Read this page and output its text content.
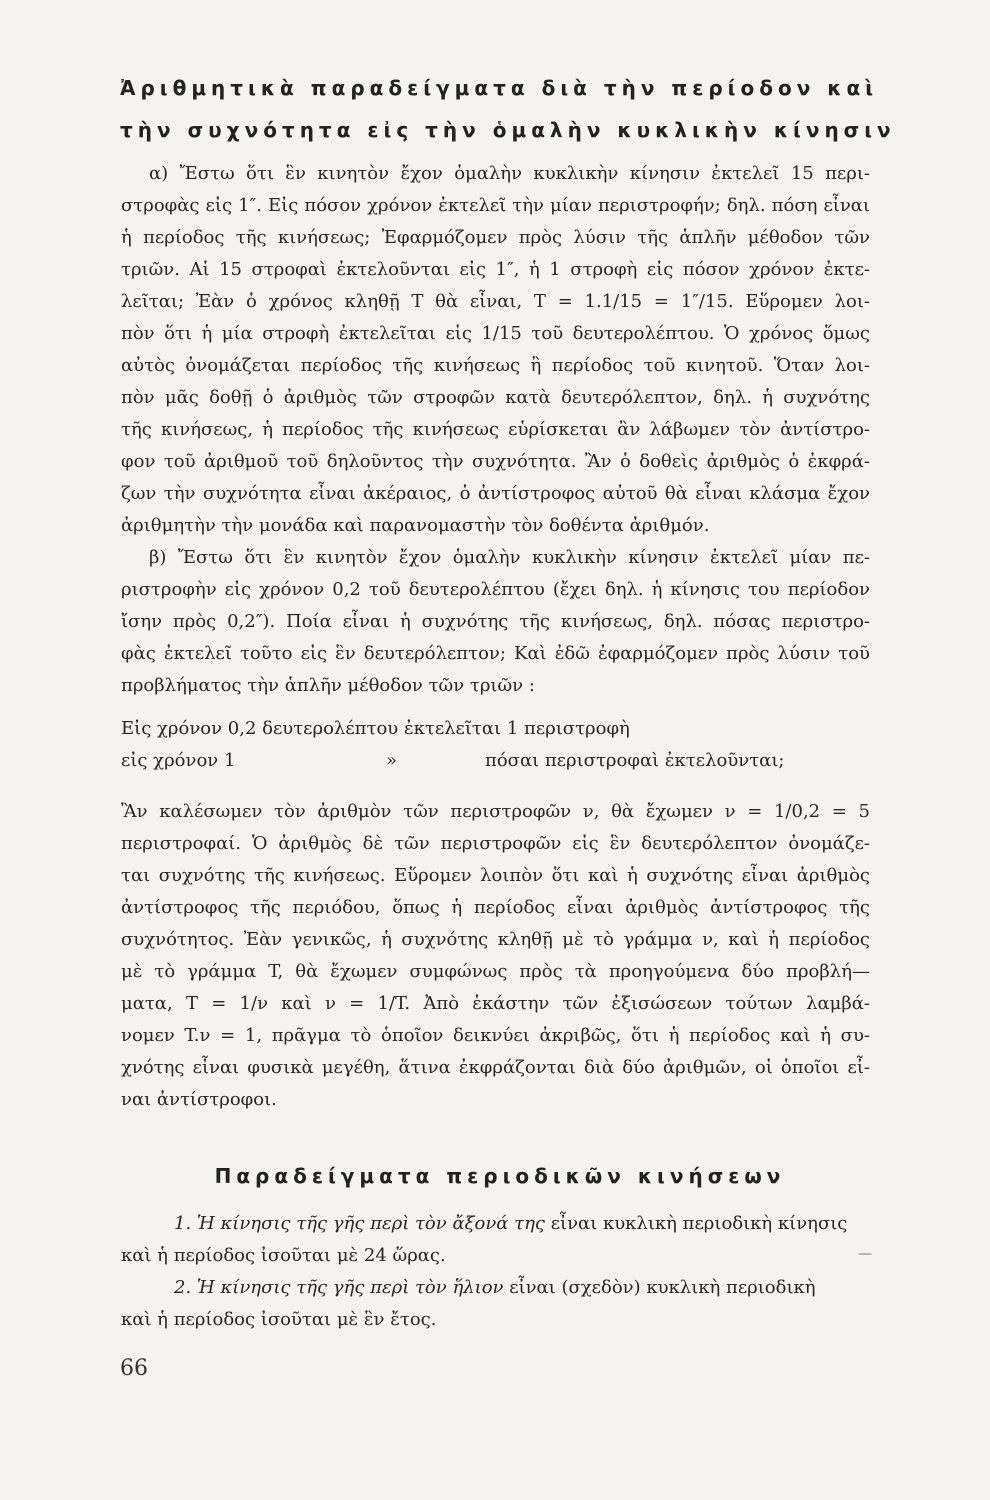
Ἀριθμητικὰ παραδείγματα διὰ τὴν περίοδον καὶ
τὴν συχνότητα εἰς τὴν ὁμαλὴν κυκλικὴν κίνησιν
α) Ἔστω ὅτι ἓν κινητὸν ἔχον ὁμαλὴν κυκλικὴν κίνησιν ἐκτελεῖ 15 περι-
στροφὰς εἰς 1″. Εἰς πόσον χρόνον ἐκτελεῖ τὴν μίαν περιστροφήν; δηλ. πόση εἶναι
ἡ περίοδος τῆς κινήσεως; Ἐφαρμόζομεν πρὸς λύσιν τῆς ἁπλῆν μέθοδον τῶν
τριῶν. Αἱ 15 στροφαὶ ἐκτελοῦνται εἰς 1″, ἡ 1 στροφὴ εἰς πόσον χρόνον ἐκτε-
λεῖται; Ἐὰν ὁ χρόνος κληθῇ T θὰ εἶναι, T = 1.1/15 = 1″/15. Εὕρομεν λοι-
πὸν ὅτι ἡ μία στροφὴ ἐκτελεῖται εἰς 1/15 τοῦ δευτερολέπτου. Ὁ χρόνος ὅμως
αὐτὸς ὀνομάζεται περίοδος τῆς κινήσεως ἢ περίοδος τοῦ κινητοῦ. Ὅταν λοι-
πὸν μᾶς δοθῇ ὁ ἀριθμὸς τῶν στροφῶν κατὰ δευτερόλεπτον, δηλ. ἡ συχνότης
τῆς κινήσεως, ἡ περίοδος τῆς κινήσεως εὑρίσκεται ἂν λάβωμεν τὸν ἀντίστρο-
φον τοῦ ἀριθμοῦ τοῦ δηλοῦντος τὴν συχνότητα. Ἂν ὁ δοθεὶς ἀριθμὸς ὁ ἐκφρά-
ζων τὴν συχνότητα εἶναι ἀκέραιος, ὁ ἀντίστροφος αὐτοῦ θὰ εἶναι κλάσμα ἔχον
ἀριθμητὴν τὴν μονάδα καὶ παρανομαστὴν τὸν δοθέντα ἀριθμόν.
β) Ἔστω ὅτι ἓν κινητὸν ἔχον ὁμαλὴν κυκλικὴν κίνησιν ἐκτελεῖ μίαν πε-
ριστροφὴν εἰς χρόνον 0,2 τοῦ δευτερολέπτου (ἔχει δηλ. ἡ κίνησις του περίοδον
ἴσην πρὸς 0,2″). Ποία εἶναι ἡ συχνότης τῆς κινήσεως, δηλ. πόσας περιστρο-
φὰς ἐκτελεῖ τοῦτο εἰς ἓν δευτερόλεπτον; Καὶ ἐδῶ ἐφαρμόζομεν πρὸς λύσιν τοῦ
προβλήματος τὴν ἁπλῆν μέθοδον τῶν τριῶν :
Εἰς χρόνον 0,2 δευτερολέπτου ἐκτελεῖται 1 περιστροφὴ
εἰς χρόνον 1	»	πόσαι περιστροφαὶ ἐκτελοῦνται;
Ἂν καλέσωμεν τὸν ἀριθμὸν τῶν περιστροφῶν ν, θὰ ἔχωμεν ν = 1/0,2 = 5
περιστροφαί. Ὁ ἀριθμὸς δὲ τῶν περιστροφῶν εἰς ἓν δευτερόλεπτον ὀνομάζε-
ται συχνότης τῆς κινήσεως. Εὕρομεν λοιπὸν ὅτι καὶ ἡ συχνότης εἶναι ἀριθμὸς
ἀντίστροφος τῆς περιόδου, ὅπως ἡ περίοδος εἶναι ἀριθμὸς ἀντίστροφος τῆς
συχνότητος. Ἐὰν γενικῶς, ἡ συχνότης κληθῇ μὲ τὸ γράμμα ν, καὶ ἡ περίοδος
μὲ τὸ γράμμα T, θὰ ἔχωμεν συμφώνως πρὸς τὰ προηγούμενα δύο προβλή—
ματα, T = 1/ν καὶ ν = 1/T. Ἀπὸ ἑκάστην τῶν ἐξισώσεων τούτων λαμβά-
νομεν T.ν = 1, πρᾶγμα τὸ ὁποῖον δεικνύει ἀκριβῶς, ὅτι ἡ περίοδος καὶ ἡ συ-
χνότης εἶναι φυσικὰ μεγέθη, ἅτινα ἐκφράζονται διὰ δύο ἀριθμῶν, οἱ ὁποῖοι εἶ-
ναι ἀντίστροφοι.
Παραδείγματα περιοδικῶν κινήσεων
1. Ἡ κίνησις τῆς γῆς περὶ τὸν ἄξονά της εἶναι κυκλικὴ περιοδικὴ κίνησις
καὶ ἡ περίοδος ἰσοῦται μὲ 24 ὥρας.	—
2. Ἡ κίνησις τῆς γῆς περὶ τὸν ἥλιον εἶναι (σχεδὸν) κυκλικὴ περιοδικὴ
καὶ ἡ περίοδος ἰσοῦται μὲ ἓν ἔτος.
66
